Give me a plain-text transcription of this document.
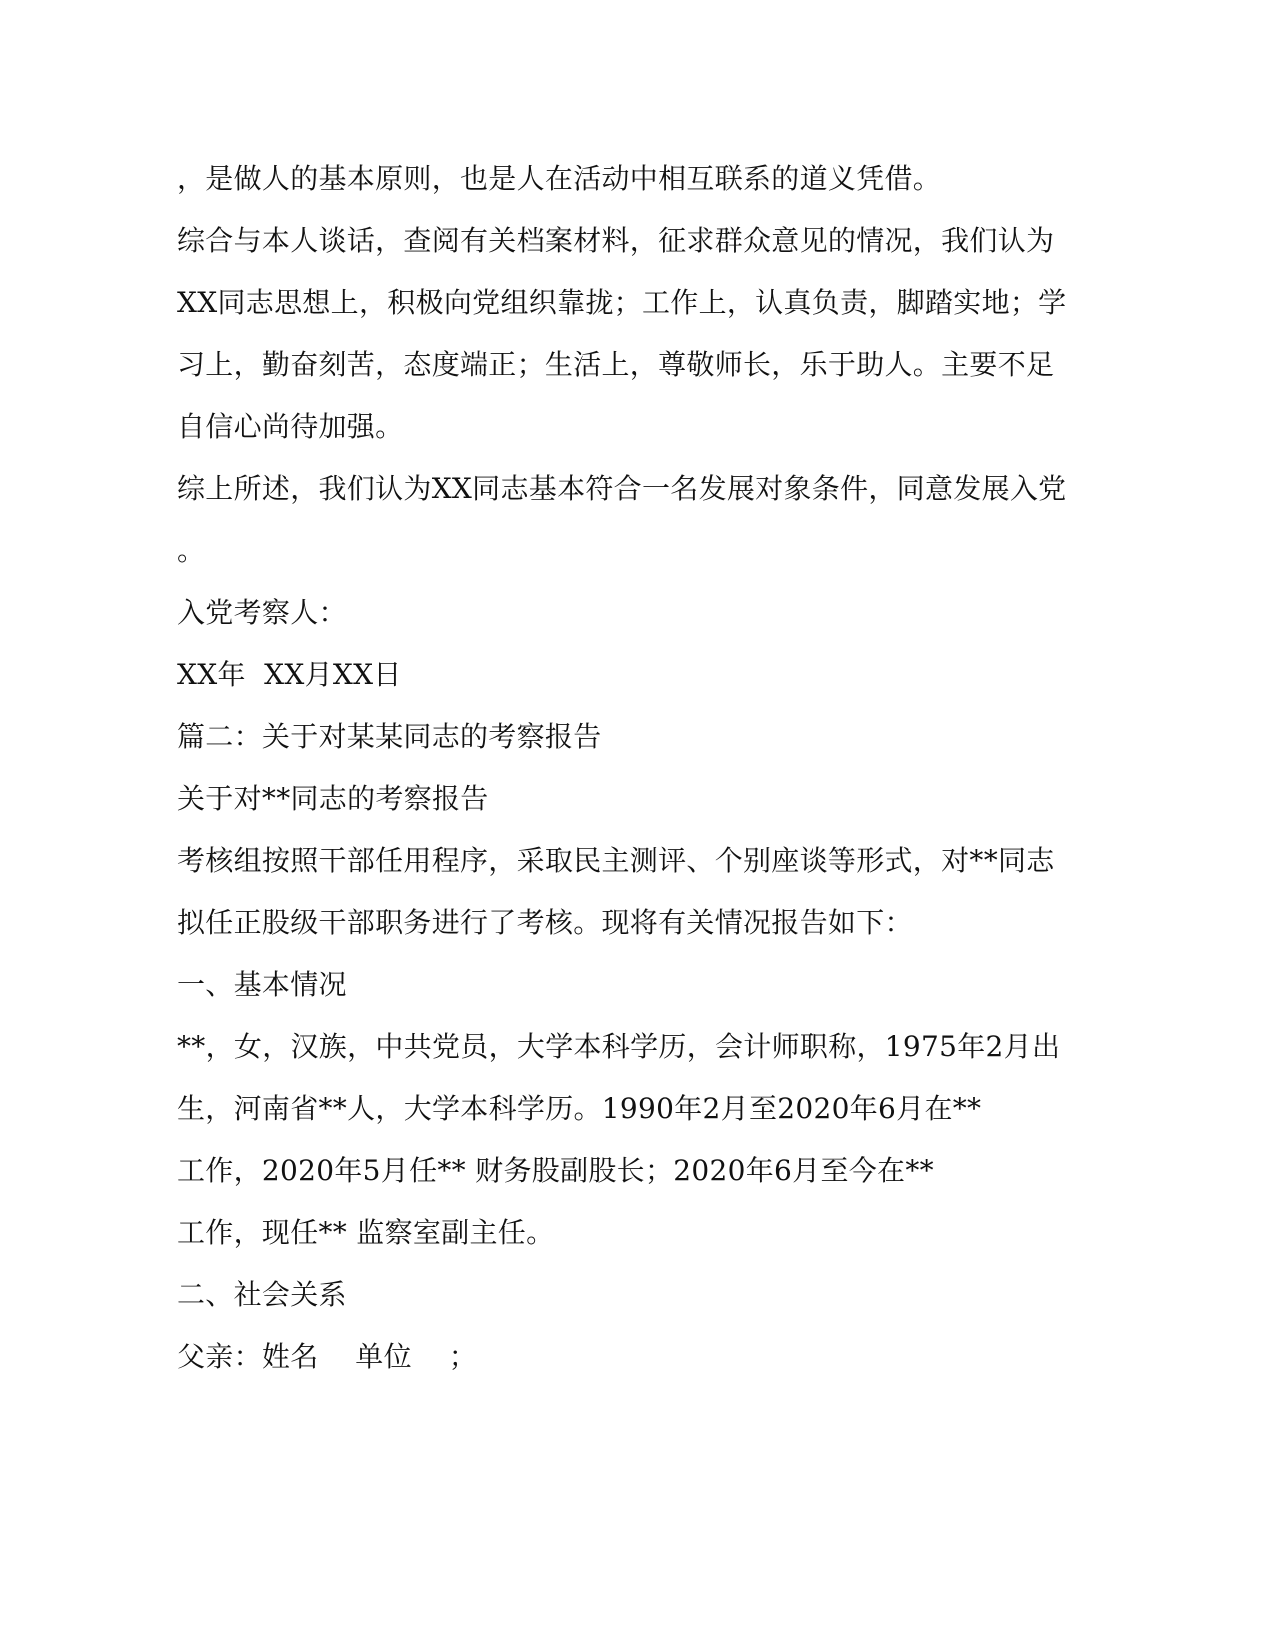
，是做人的基本原则，也是人在活动中相互联系的道义凭借。
综合与本人谈话，查阅有关档案材料，征求群众意见的情况，我们认为
XX同志思想上，积极向党组织靠拢；工作上，认真负责，脚踏实地；学
习上，勤奋刻苦，态度端正；生活上，尊敬师长，乐于助人。主要不足
自信心尚待加强。
综上所述，我们认为XX同志基本符合一名发展对象条件，同意发展入党
。
入党考察人：
XX年  XX月XX日
篇二：关于对某某同志的考察报告
关于对**同志的考察报告
考核组按照干部任用程序，采取民主测评、个别座谈等形式，对**同志
拟任正股级干部职务进行了考核。现将有关情况报告如下：
一、基本情况
**，女，汉族，中共党员，大学本科学历，会计师职称，1975年2月出
生，河南省**人，大学本科学历。1990年2月至2020年6月在**
工作，2020年5月任** 财务股副股长；2020年6月至今在**
工作，现任** 监察室副主任。
二、社会关系
父亲：姓名    单位    ；
